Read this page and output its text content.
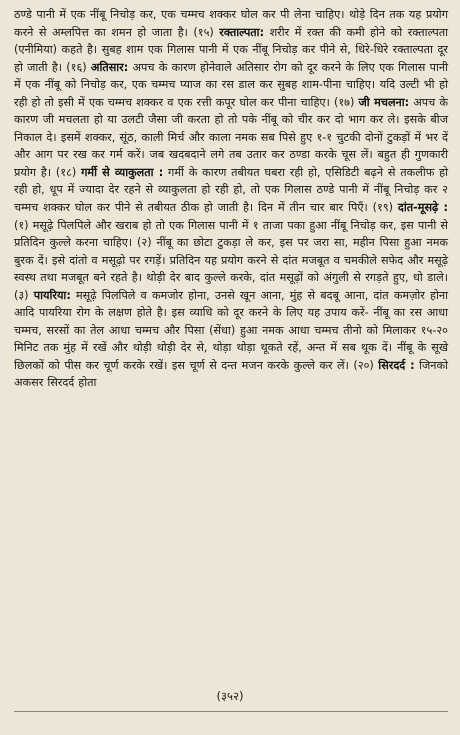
ठण्डे पानी में एक नींबू निचोड़ कर, एक चम्मच शक्कर घोल कर पी लेना चाहिए। थोड़े दिन तक यह प्रयोग करने से अम्लपित्त का शमन हो जाता है। (१५) रक्ताल्पता: शरीर में रक्त की कमी होने को रक्ताल्पता (एनीमिया) कहते है। सुबह शाम एक गिलास पानी में एक नींबू निचोड़ कर पीने से, धिरे-धिरे रक्ताल्पता दूर हो जाती है। (१६) अतिसार: अपच के कारण होनेवाले अतिसार रोग को दूर करने के लिए एक गिलास पानी में एक नींबू को निचोड़ कर, एक चम्मच प्याज का रस डाल कर सुबह शाम-पीना चाहिए। यदि उल्टी भी हो रही हो तो इसी में एक चम्मच शक्कर व एक रत्ती कपूर घोल कर पीना चाहिए। (१७) जी मचलना: अपच के कारण जी मचलता हो या उलटी जैसा जी करता हो तो पके नींबू को चीर कर दो भाग कर ले। इसके बीज निकाल दे। इसमें शक्कर, सूंठ, काली मिर्च और काला नमक सब पिसे हुए १-१ चुटकी दोनों टुकड़ों में भर दें और आग पर रख कर गर्म करें। जब खदबदाने लगे तब उतार कर ठण्डा करके चूस लें। बहुत ही गुणकारी प्रयोग है। (१८) गर्मी से व्याकुलता : गर्मी के कारण तबीयत घबरा रही हो, एसिडिटी बढ़ने से तकलीफ हो रही हो, धूप में ज्यादा देर रहने से व्याकुलता हो रही हो, तो एक गिलास ठण्डे पानी में नींबू निचोड़ कर २ चम्मच शक्कर घोल कर पीने से तबीयत ठीक हो जाती है। दिन में तीन चार बार पिएँ। (१९) दांत-मूसढ़े : (१) मसूढ़े पिलपिले और खराब हो तो एक गिलास पानी में १ ताजा पका हुआ नींबू निचोड़ कर, इस पानी से प्रतिदिन कुल्ले करना चाहिए। (२) नींबू का छोटा टुकड़ा ले कर, इस पर जरा सा, महीन पिसा हुआ नमक बुरक दें। इसे दांतो व मसूढ़ो पर रगड़ें। प्रतिदिन यह प्रयोग करने से दांत मजबूत व चमकीले सफेद और मसूढ़े स्वस्थ तथा मजबूत बने रहते है। थोड़ी देर बाद कुल्ले करके, दांत मसूढ़ों को अंगुली से रगड़ते हुए, धो डाले। (३) पायरिया: मसूढ़े पिलपिले व कमजोर होना, उनसे खून आना, मुंह से बदबू आना, दांत कमज़ोर होना आदि पायरिया रोग के लक्षण होते है। इस व्याधि को दूर करने के लिए यह उपाय करें- नींबू का रस आधा चम्मच, सरसों का तेल आधा चम्मच और पिसा (सेंधा) हुआ नमक आधा चम्मच तीनो को मिलाकर १५-२० मिनिट तक मुंह में रखें और थोड़ी थोड़ी देर से, थोड़ा थोड़ा थूकते रहें, अन्त में सब थूक दें। नींबू के सूखे छिलकों को पीस कर चूर्ण करके रखें। इस चूर्ण से दन्त मजन करके कुल्ले कर लें। (२०) सिरदर्द : जिनको अकसर सिरदर्द होता

(३५२)
